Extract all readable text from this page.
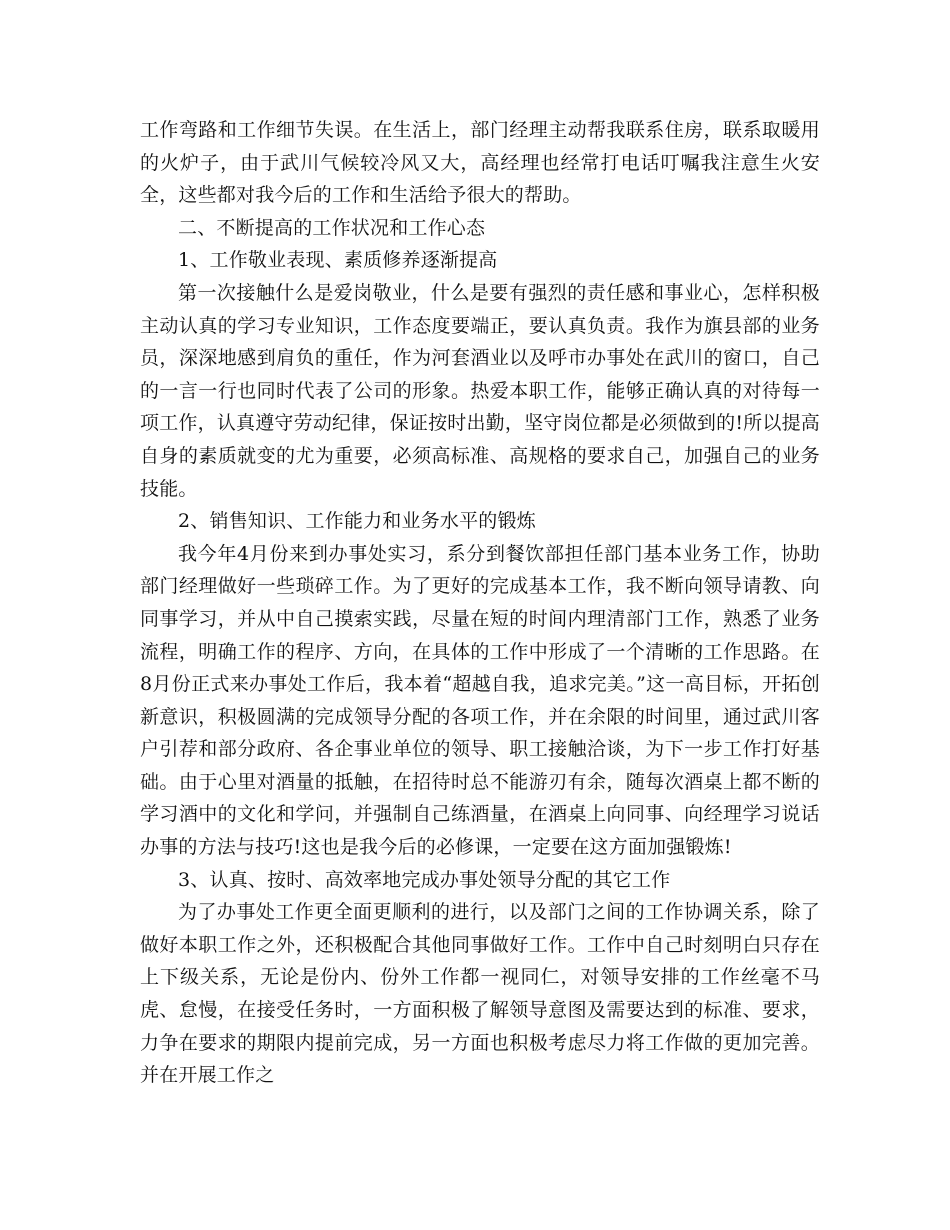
工作弯路和工作细节失误。在生活上，部门经理主动帮我联系住房，联系取暖用的火炉子，由于武川气候较冷风又大，高经理也经常打电话叮嘱我注意生火安全，这些都对我今后的工作和生活给予很大的帮助。

二、不断提高的工作状况和工作心态

1、工作敬业表现、素质修养逐渐提高

第一次接触什么是爱岗敬业，什么是要有强烈的责任感和事业心，怎样积极主动认真的学习专业知识，工作态度要端正，要认真负责。我作为旗县部的业务员，深深地感到肩负的重任，作为河套酒业以及呼市办事处在武川的窗口，自己的一言一行也同时代表了公司的形象。热爱本职工作，能够正确认真的对待每一项工作，认真遵守劳动纪律，保证按时出勤，坚守岗位都是必须做到的!所以提高自身的素质就变的尤为重要，必须高标准、高规格的要求自己，加强自己的业务技能。

2、销售知识、工作能力和业务水平的锻炼

我今年4月份来到办事处实习，系分到餐饮部担任部门基本业务工作，协助部门经理做好一些琐碎工作。为了更好的完成基本工作，我不断向领导请教、向同事学习，并从中自己摸索实践，尽量在短的时间内理清部门工作，熟悉了业务流程，明确工作的程序、方向，在具体的工作中形成了一个清晰的工作思路。在8月份正式来办事处工作后，我本着“超越自我，追求完美。”这一高目标，开拓创新意识，积极圆满的完成领导分配的各项工作，并在余限的时间里，通过武川客户引荐和部分政府、各企事业单位的领导、职工接触洽谈，为下一步工作打好基础。由于心里对酒量的抵触，在招待时总不能游刃有余，随每次酒桌上都不断的学习酒中的文化和学问，并强制自己练酒量，在酒桌上向同事、向经理学习说话办事的方法与技巧!这也是我今后的必修课，一定要在这方面加强锻炼!

3、认真、按时、高效率地完成办事处领导分配的其它工作

为了办事处工作更全面更顺利的进行，以及部门之间的工作协调关系，除了做好本职工作之外，还积极配合其他同事做好工作。工作中自己时刻明白只存在上下级关系，无论是份内、份外工作都一视同仁，对领导安排的工作丝毫不马虎、怠慢，在接受任务时，一方面积极了解领导意图及需要达到的标准、要求，力争在要求的期限内提前完成，另一方面也积极考虑尽力将工作做的更加完善。并在开展工作之
